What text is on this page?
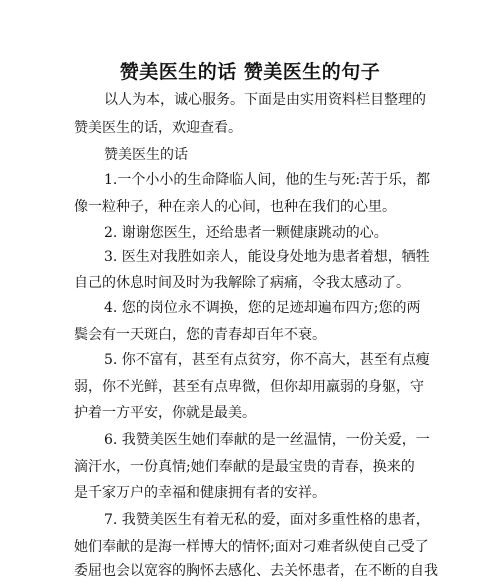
赞美医生的话 赞美医生的句子
以人为本，诚心服务。下面是由实用资料栏目整理的
赞美医生的话，欢迎查看。
赞美医生的话
1.一个小小的生命降临人间，他的生与死:苦于乐，都
像一粒种子，种在亲人的心间，也种在我们的心里。
2. 谢谢您医生，还给患者一颗健康跳动的心。
3. 医生对我胜如亲人，能设身处地为患者着想，牺牲
自己的休息时间及时为我解除了病痛，令我太感动了。
4. 您的岗位永不调换，您的足迹却遍布四方;您的两
鬓会有一天斑白，您的青春却百年不衰。
5. 你不富有，甚至有点贫穷，你不高大，甚至有点瘦
弱，你不光鲜，甚至有点卑微，但你却用羸弱的身躯，守
护着一方平安，你就是最美。
6. 我赞美医生她们奉献的是一丝温情，一份关爱，一
滴汗水，一份真情;她们奉献的是最宝贵的青春，换来的
是千家万户的幸福和健康拥有者的安祥。
7. 我赞美医生有着无私的爱，面对多重性格的患者，
她们奉献的是海一样博大的情怀;面对刁难者纵使自己受了
委屈也会以宽容的胸怀去感化、去关怀患者，在不断的自我
